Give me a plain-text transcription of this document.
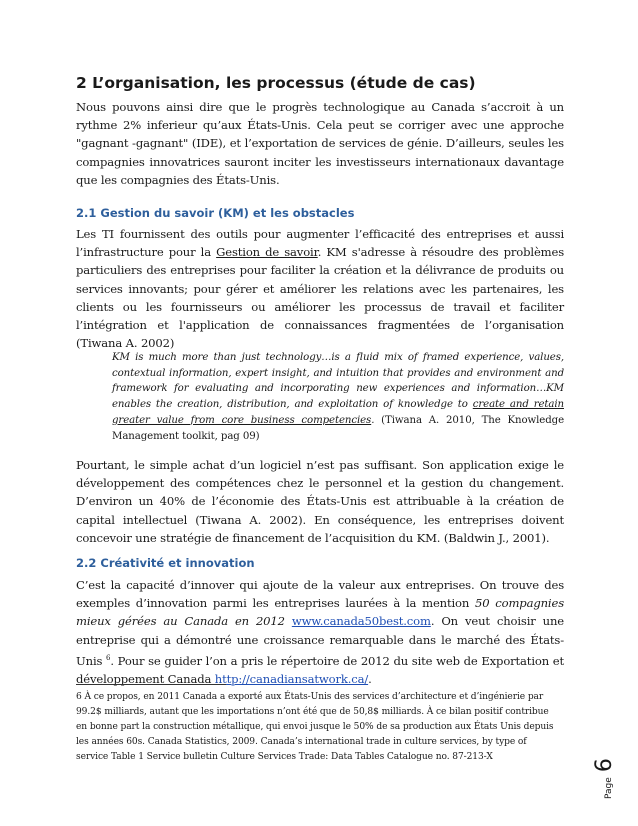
2 L’organisation, les processus (étude de cas)

Nous pouvons ainsi dire que le progrès technologique au Canada s’accroit à un rythme 2% inferieur qu’aux États-Unis. Cela peut se corriger avec une approche "gagnant -gagnant" (IDE), et l’exportation de services de génie. D’ailleurs, seules les compagnies innovatrices sauront inciter les investisseurs internationaux davantage que les compagnies des États-Unis.

2.1 Gestion du savoir (KM) et les obstacles

Les TI fournissent des outils pour augmenter l’efficacité des entreprises et aussi l’infrastructure pour la Gestion de savoir. KM s'adresse à résoudre des problèmes particuliers des entreprises pour faciliter la création et la délivrance de produits ou services innovants; pour gérer et améliorer les relations avec les partenaires, les clients ou les fournisseurs ou améliorer les processus de travail et faciliter l’intégration et l'application de connaissances fragmentées de l’organisation (Tiwana A. 2002)

KM is much more than just technology…is a fluid mix of framed experience, values, contextual information, expert insight, and intuition that provides and environment and framework for evaluating and incorporating new experiences and information…KM enables the creation, distribution, and exploitation of knowledge to create and retain greater value from core business competencies. (Tiwana A. 2010, The Knowledge Management toolkit, pag 09)

Pourtant, le simple achat d’un logiciel n’est pas suffisant. Son application exige le développement des compétences chez le personnel et la gestion du changement. D’environ un 40% de l’économie des États-Unis est attribuable à la création de capital intellectuel (Tiwana A. 2002). En conséquence, les entreprises doivent concevoir une stratégie de financement de l’acquisition du KM. (Baldwin J., 2001).

2.2 Créativité et innovation

C’est la capacité d’innover qui ajoute de la valeur aux entreprises. On trouve des exemples d’innovation parmi les entreprises laurées à la mention 50 compagnies mieux gérées au Canada en 2012 www.canada50best.com. On veut choisir une entreprise qui a démontré une croissance remarquable dans le marché des États-Unis $^6$. Pour se guider l’on a pris le répertoire de 2012 du site web de Exportation et développement Canada http://canadiansatwork.ca/.

6 À ce propos, en 2011 Canada a exporté aux États-Unis des services d’architecture et d’ingénierie par 99.2$ milliards, autant que les importations n’ont été que de 50,8$ milliards. À ce bilan positif contribue en bonne part la construction métallique, qui envoi jusque le 50% de sa production aux États Unis depuis les années 60s. Canada Statistics, 2009. Canada’s international trade in culture services, by type of service Table 1 Service bulletin Culture Services Trade: Data Tables Catalogue no. 87-213-X

Page 6
